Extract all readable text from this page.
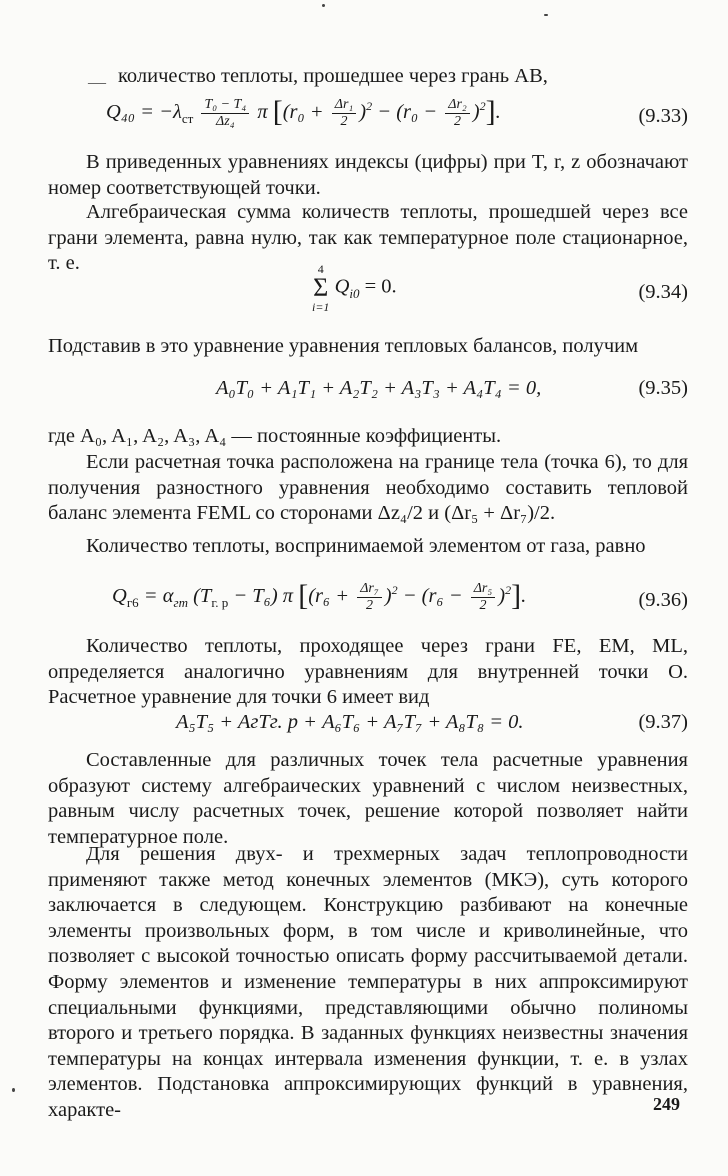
— количество теплоты, прошедшее через грань AB,
$Q_{40} = -\lambda_{ст} \frac{\text{T₀ − T₄}}{\text{Δz₄}}$ π $[(r_0 + \frac{\text{Δr₁}}{2} )^2 - (r_0 - \frac{\text{Δr₂}}{2} )^2]$.	(9.33)
В приведенных уравнениях индексы (цифры) при T, r, z обозначают номер соответствующей точки.
Алгебраическая сумма количеств теплоты, прошедшей через все грани элемента, равна нулю, так как температурное поле стационарное, т. е.	4
Σ
i=1
$Q_{i0} = 0$.	(9.34)
Подставив в это уравнение уравнения тепловых балансов, получим
A₀T₀ + A₁T₁ + A₂T₂ + A₃T₃ + A₄T₄ = 0,	(9.35)
где A₀, A₁, A₂, A₃, A₄ — постоянные коэффициенты.
Если расчетная точка расположена на границе тела (точка 6), то для получения разностного уравнения необходимо составить тепловой баланс элемента FEML со сторонами Δz₄/2 и (Δr₅ + Δr₇)/2.
Количество теплоты, воспринимаемой элементом от газа, равно
$Q_{г6} = \alpha_{гm}$ $(T_{г. р} - T_6)$ π $[(r_6 + \frac{\text{Δr₇}}{2} )^2 - (r_6 - \frac{\text{Δr₅}}{2} )^2]$.	(9.36)
Количество теплоты, проходящее через грани FE, EM, ML, определяется аналогично уравнениям для внутренней точки O. Расчетное уравнение для точки 6 имеет вид
A₅T₅ + AгTг. р + A₆T₆ + A₇T₇ + A₈T₈ = 0.	(9.37)
Составленные для различных точек тела расчетные уравнения образуют систему алгебраических уравнений с числом неизвестных, равным числу расчетных точек, решение которой позволяет найти температурное поле.
Для решения двух- и трехмерных задач теплопроводности применяют также метод конечных элементов (МКЭ), суть которого заключается в следующем. Конструкцию разбивают на конечные элементы произвольных форм, в том числе и криволинейные, что позволяет с высокой точностью описать форму рассчитываемой детали. Форму элементов и изменение температуры в них аппроксимируют специальными функциями, представляющими обычно полиномы второго и третьего порядка. В заданных функциях неизвестны значения температуры на концах интервала изменения функции, т. е. в узлах элементов. Подстановка аппроксимирующих функций в уравнения, характе-	249
